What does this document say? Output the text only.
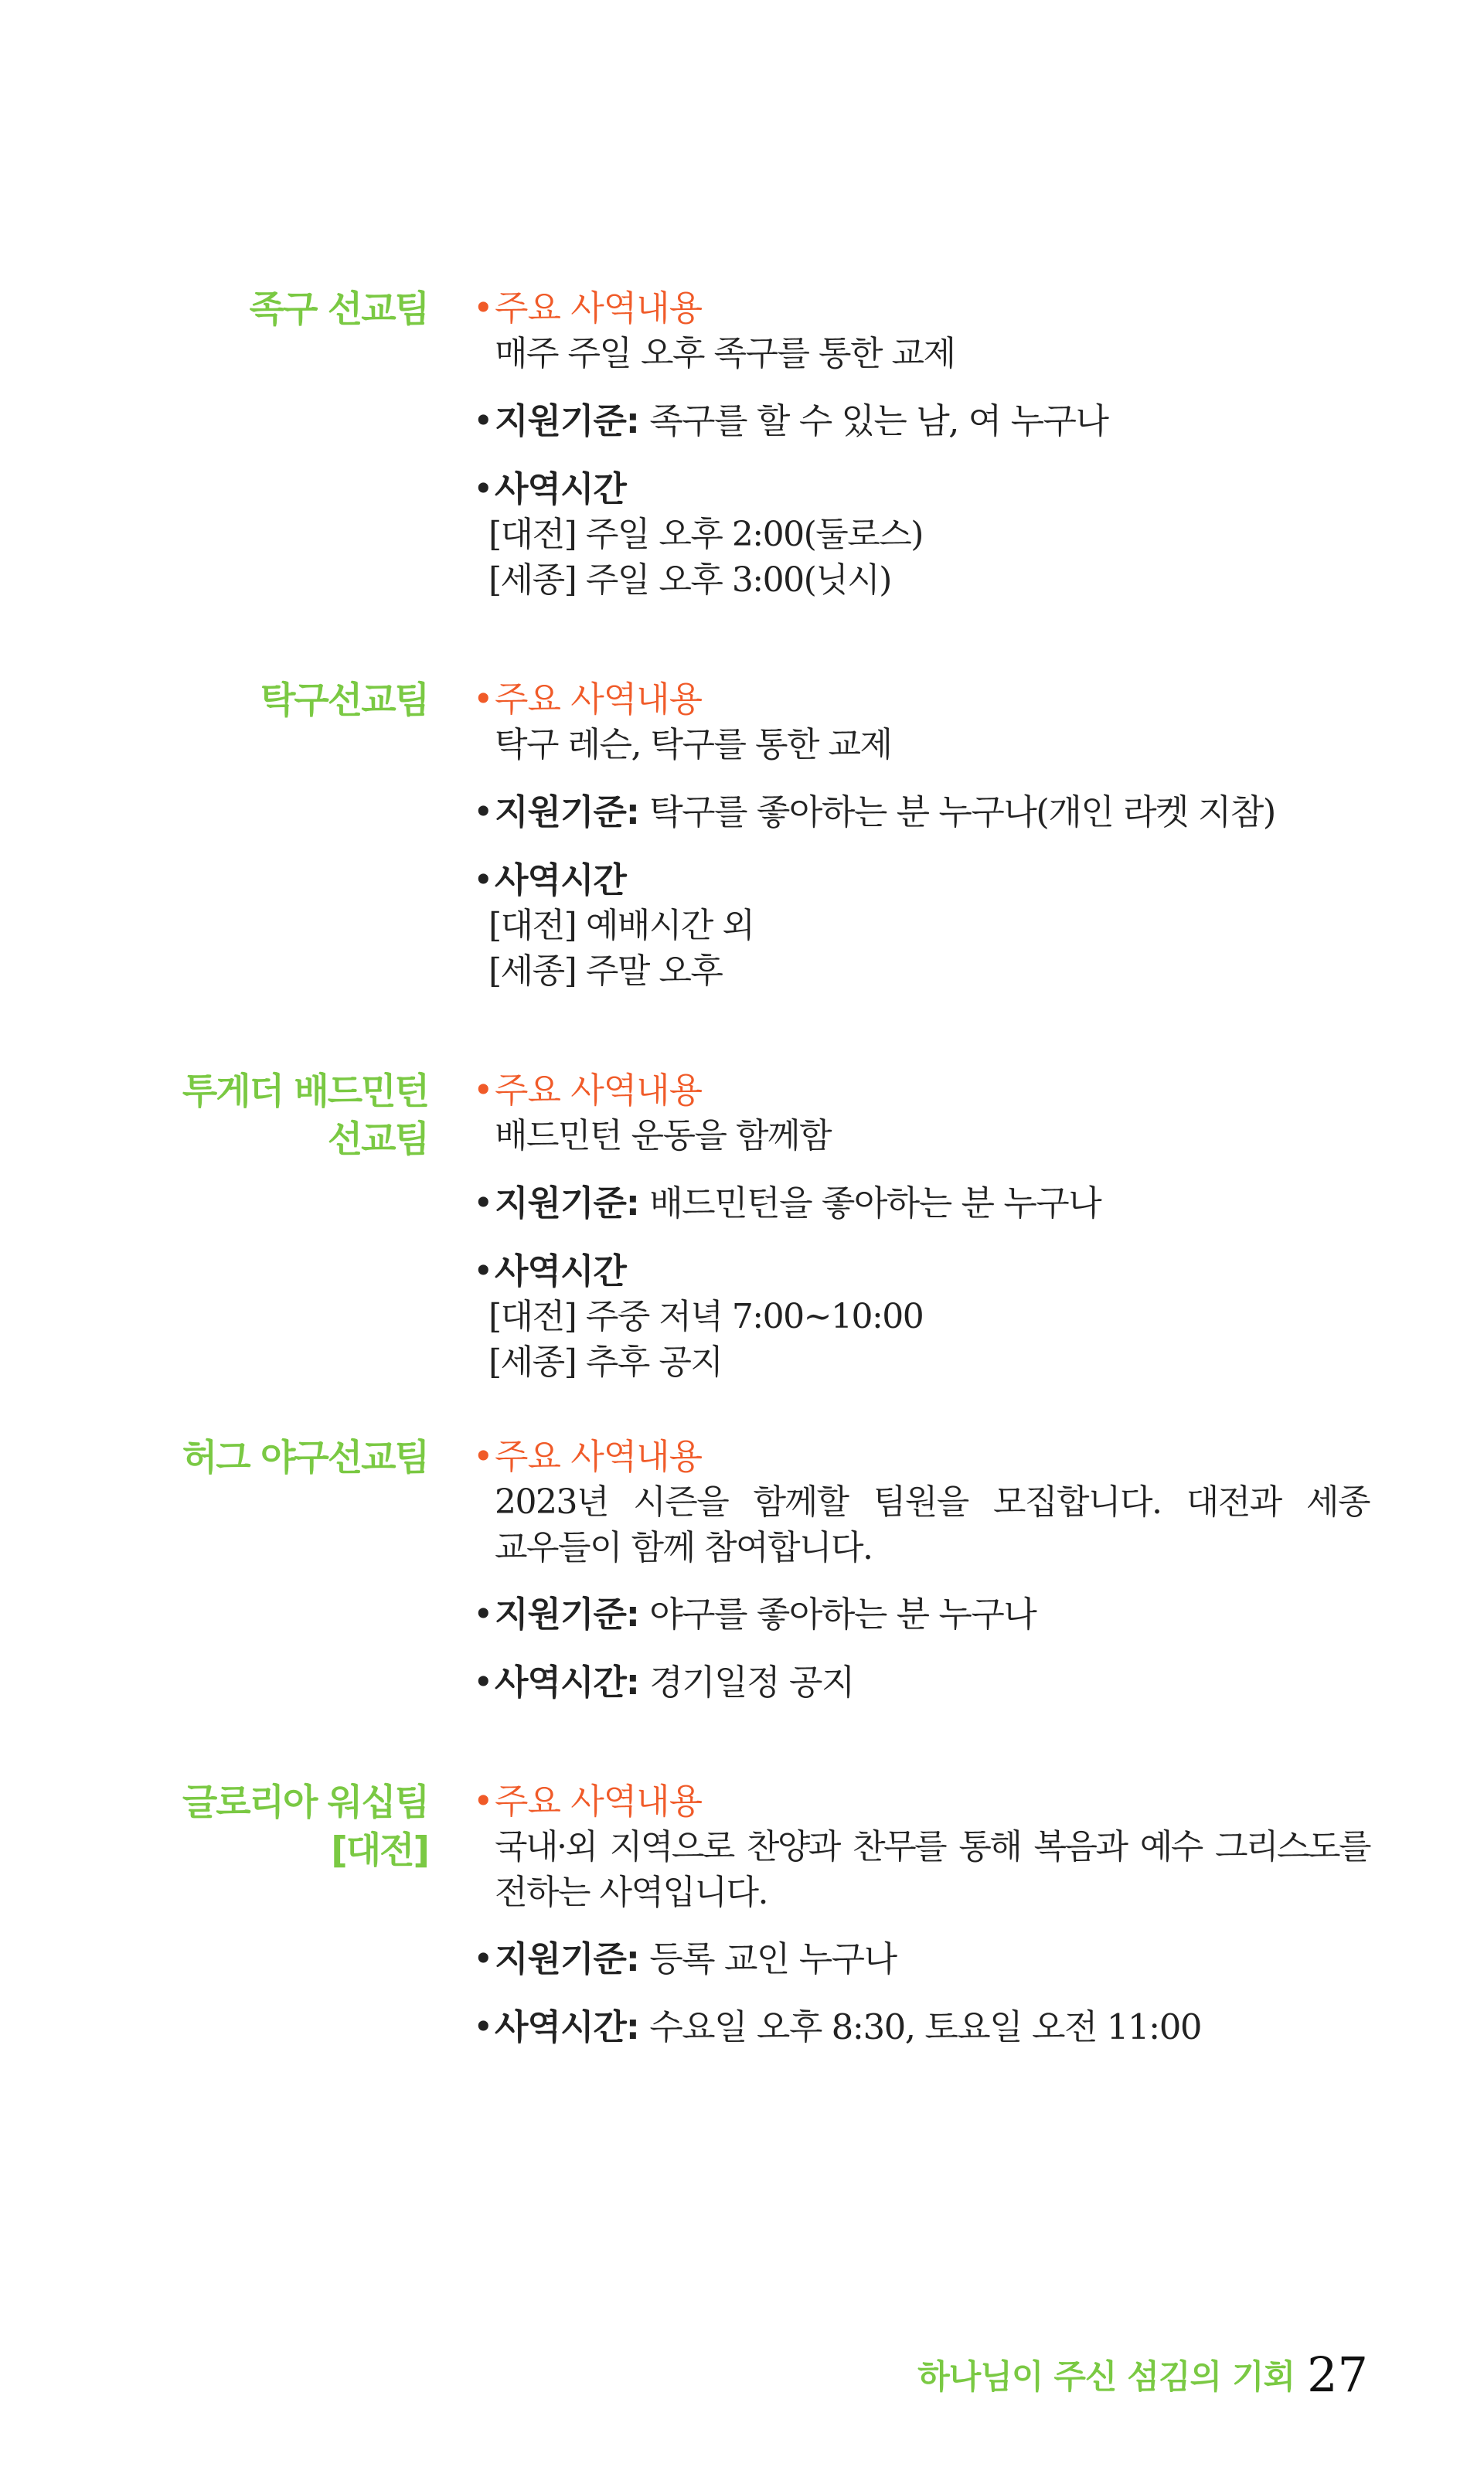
족구 선교팀 • 주요 사역내용
매주 주일 오후 족구를 통한 교제
• 지원기준: 족구를 할 수 있는 남, 여 누구나
• 사역시간
[대전] 주일 오후 2:00(둘로스)
[세종] 주일 오후 3:00(닛시)
탁구선교팀 • 주요 사역내용
탁구 레슨, 탁구를 통한 교제
• 지원기준: 탁구를 좋아하는 분 누구나(개인 라켓 지참)
• 사역시간
[대전] 예배시간 외
[세종] 주말 오후
투게더 배드민턴
선교팀
• 주요 사역내용
배드민턴 운동을 함께함
• 지원기준: 배드민턴을 좋아하는 분 누구나
• 사역시간
[대전] 주중 저녁 7:00~10:00
[세종] 추후 공지
허그 야구선교팀 • 주요 사역내용
2023년 시즌을 함께할 팀원을 모집합니다. 대전과 세종
교우들이 함께 참여합니다.
• 지원기준: 야구를 좋아하는 분 누구나
• 사역시간: 경기일정 공지
글로리아 워십팀
[대전]
• 주요 사역내용
국내·외 지역으로 찬양과 찬무를 통해 복음과 예수 그리스도를
전하는 사역입니다.
• 지원기준: 등록 교인 누구나
• 사역시간: 수요일 오후 8:30, 토요일 오전 11:00
하나님이 주신 섬김의 기회 27
